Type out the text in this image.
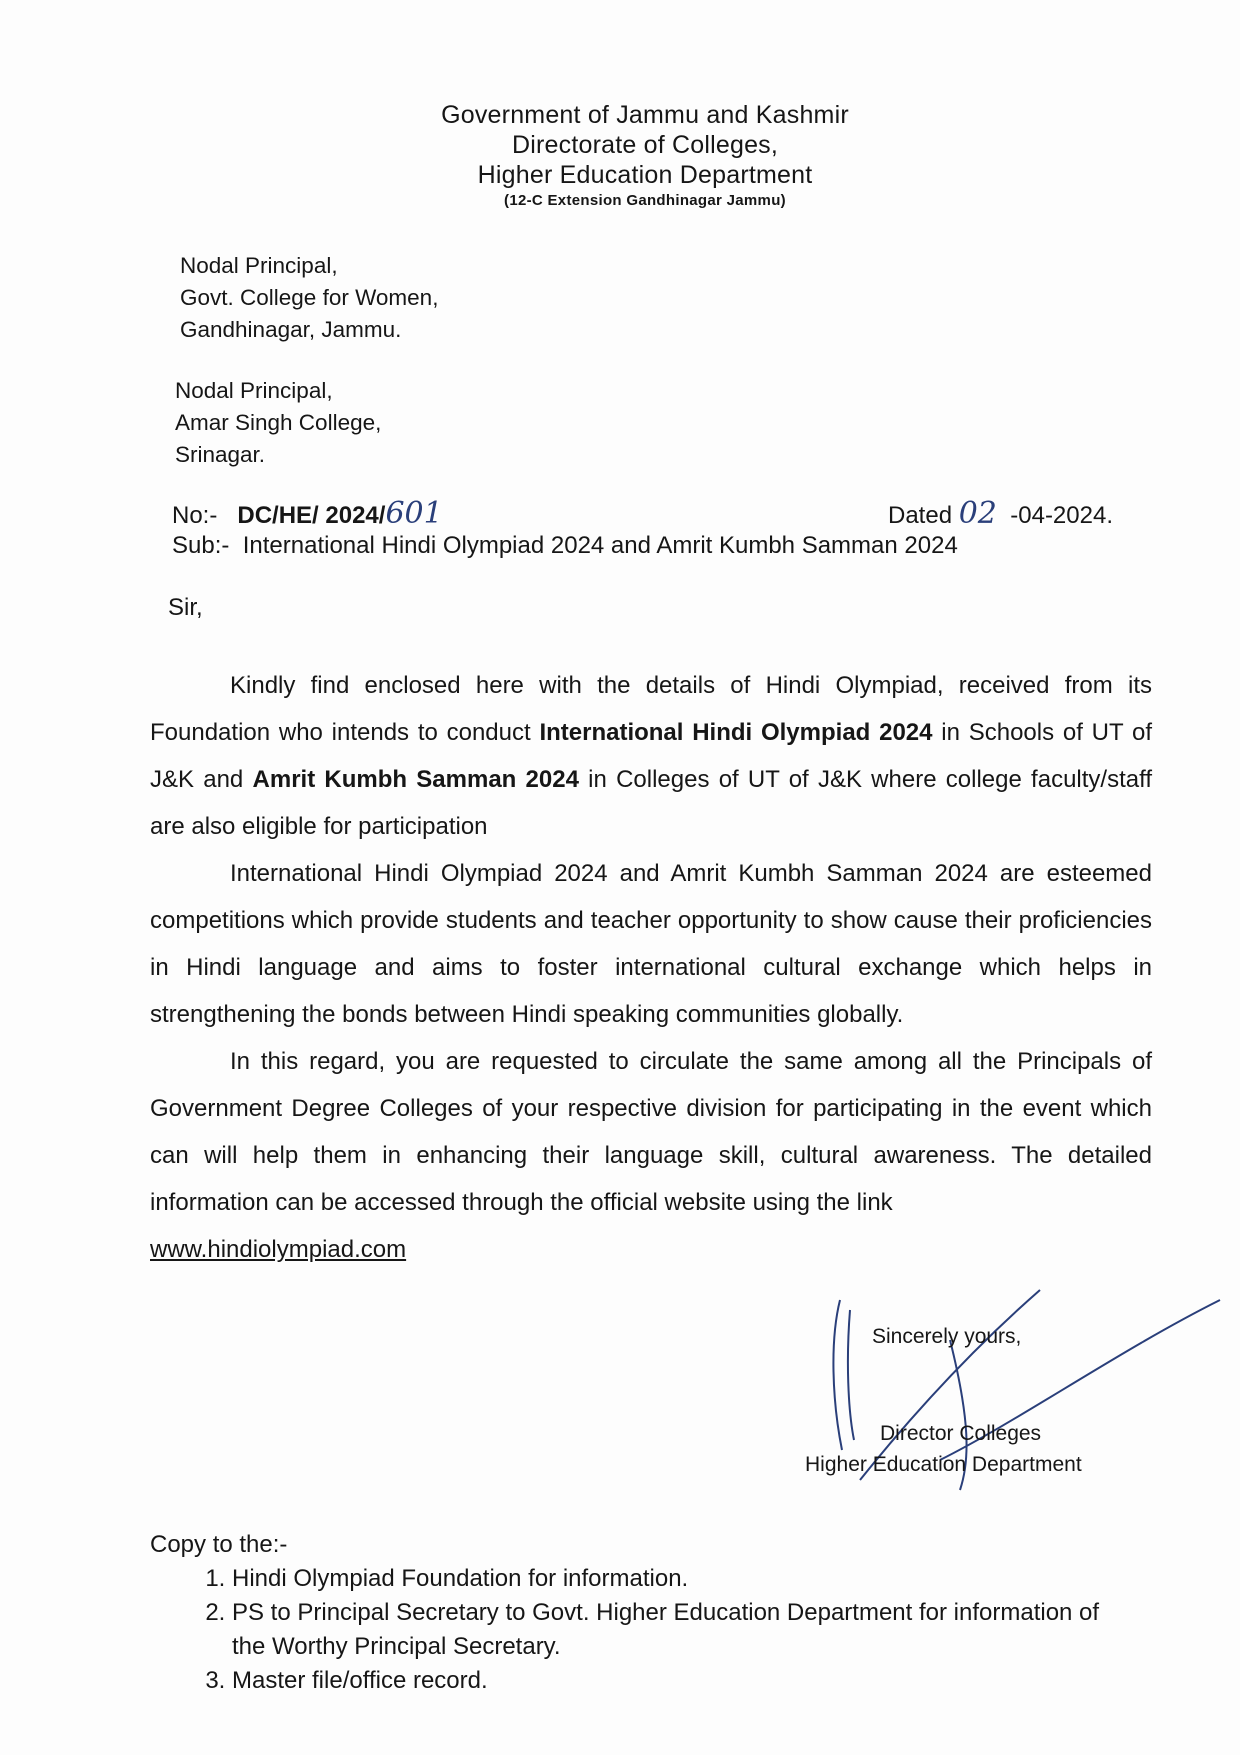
Government of Jammu and Kashmir
Directorate of Colleges,
Higher Education Department
(12-C Extension Gandhinagar Jammu)
Nodal Principal,
Govt. College for Women,
Gandhinagar, Jammu.
Nodal Principal,
Amar Singh College,
Srinagar.
No:- DC/HE/ 2024/601	Dated 02 -04-2024.
Sub:- International Hindi Olympiad 2024 and Amrit Kumbh Samman 2024
Sir,

Kindly find enclosed here with the details of Hindi Olympiad, received from its Foundation who intends to conduct International Hindi Olympiad 2024 in Schools of UT of J&K and Amrit Kumbh Samman 2024 in Colleges of UT of J&K where college faculty/staff are also eligible for participation

International Hindi Olympiad 2024 and Amrit Kumbh Samman 2024 are esteemed competitions which provide students and teacher opportunity to show cause their proficiencies in Hindi language and aims to foster international cultural exchange which helps in strengthening the bonds between Hindi speaking communities globally.

In this regard, you are requested to circulate the same among all the Principals of Government Degree Colleges of your respective division for participating in the event which can will help them in enhancing their language skill, cultural awareness. The detailed information can be accessed through the official website using the link

www.hindiolympiad.com
Sincerely yours,
Director Colleges
Higher Education Department
Copy to the:-
1. Hindi Olympiad Foundation for information.
2. PS to Principal Secretary to Govt. Higher Education Department for information of the Worthy Principal Secretary.
3. Master file/office record.
